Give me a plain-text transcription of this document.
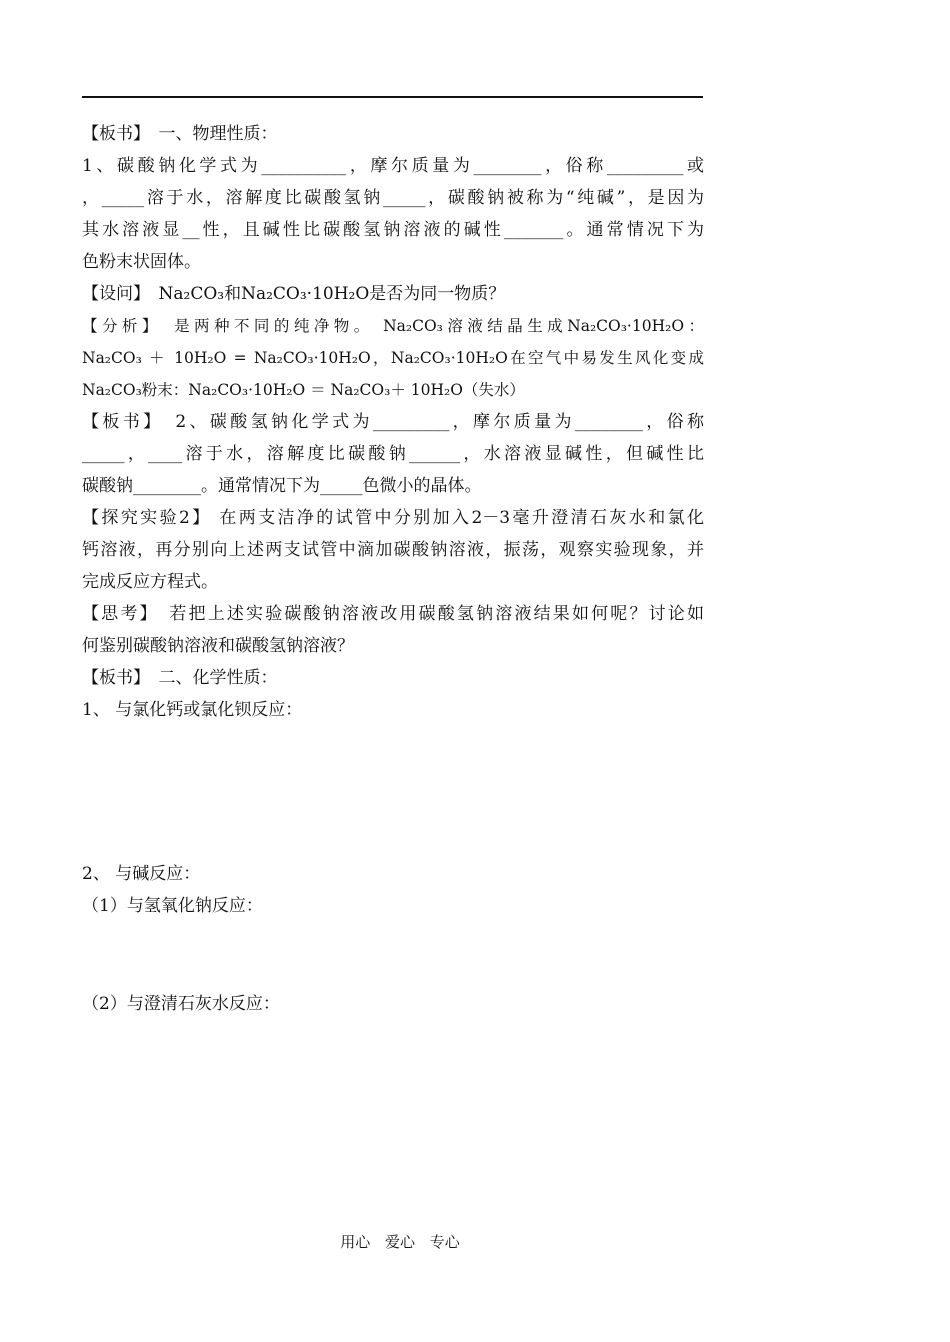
【板书】　一、物理性质：
1、碳酸钠化学式为__________，摩尔质量为________，俗称_________或
，_____溶于水，溶解度比碳酸氢钠_____，碳酸钠被称为“纯碱”，是因为
其水溶液显__性，且碱性比碳酸氢钠溶液的碱性_______。通常情况下为
色粉末状固体。
【设问】　Na₂CO₃和Na₂CO₃·10H₂O是否为同一物质？
【分析】　是两种不同的纯净物。 Na₂CO₃溶液结晶生成Na₂CO₃·10H₂O：
Na₂CO₃ ＋ 10H₂O = Na₂CO₃·10H₂O，Na₂CO₃·10H₂O在空气中易发生风化变成
Na₂CO₃粉末：Na₂CO₃·10H₂O ＝ Na₂CO₃＋ 10H₂O（失水）
【板书】　2、碳酸氢钠化学式为_________，摩尔质量为________，俗称
_____，____溶于水，溶解度比碳酸钠______，水溶液显碱性，但碱性比
碳酸钠________。通常情况下为_____色微小的晶体。
【探究实验2】 在两支洁净的试管中分别加入2－3毫升澄清石灰水和氯化
钙溶液，再分别向上述两支试管中滴加碳酸钠溶液，振荡，观察实验现象，并
完成反应方程式。
【思考】　若把上述实验碳酸钠溶液改用碳酸氢钠溶液结果如何呢？讨论如
何鉴别碳酸钠溶液和碳酸氢钠溶液？
【板书】　二、化学性质：
1、 与氯化钙或氯化钡反应：
2、 与碱反应：
（1）与氢氧化钠反应：
（2）与澄清石灰水反应：
用心 爱心 专心
